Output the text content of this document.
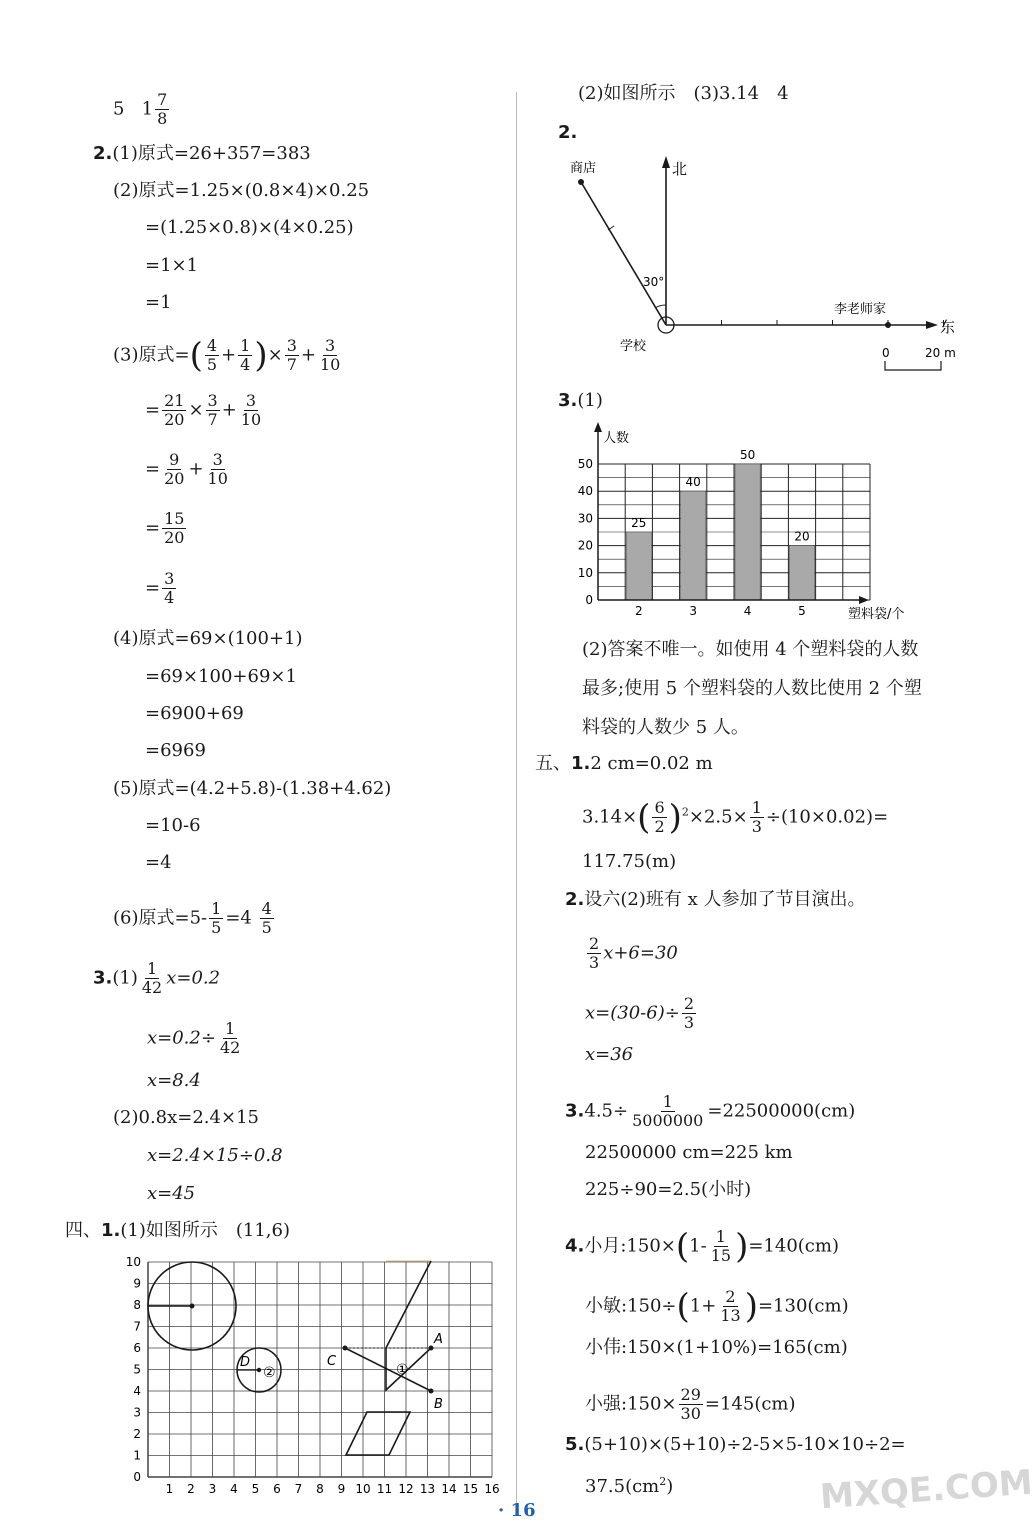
5 $1 \frac{7}{8}$
2.(1)原式=26+357=383
(2)原式=1.25×(0.8×4)×0.25
=(1.25×0.8)×(4×0.25)
=1×1
=1
(3)原式=( $\frac{4}{5} + \frac{1}{4}$ )× $\frac{3}{7} + \frac{3}{10}$
= $\frac{21}{20} \times \frac{3}{7} + \frac{3}{10}$
= $\frac{9}{20} + \frac{3}{10}$
= $\frac{15}{20}$
= $\frac{3}{4}$
(4)原式=69×(100+1)
=69×100+69×1
=6900+69
=6969
(5)原式=(4.2+5.8)-(1.38+4.62)
=10-6
=4
(6)原式$=5- \frac{1}{5} =4 \frac{4}{5}$
$3.(1) \frac{1}{42} x=0.2$
$x=0.2\div \frac{1}{42}$
x=8.4
(2)0.8x=2.4×15
x=2.4×15÷0.8
x=45
四、1.(1)如图所示　(11,6)
1 2 3 4 5 6 7 8 9 10 11 12 13 14 15 16
0
1
2
3
4
5
6
7
8
9
10
A
B
C
D	①
②
(2)如图所示　(3)3.14　4
2.
北
东
商店
30°
学校
李老师家
0	20 m
3.(1)
0
10
20
30
40
50
2	3	4	5
25
40
50
20
人数
塑料袋/个
(2)答案不唯一。如使用 4 个塑料袋的人数
最多;使用 5 个塑料袋的人数比使用 2 个塑
料袋的人数少 5 人。
五、1.2 cm=0.02 m
$3.14\times( \frac{6}{2} )^2\times 2.5\times \frac{1}{3} \div(10\times 0.02)=$
117.75(m)
2.设六(2)班有 x 人参加了节目演出。
$\frac{2}{3} x+6=30$
$x=(30-6)\div \frac{2}{3}$
x=36
$3.4.5\div \frac{1}{5000000} =22500000(cm)$
22500000 cm=225 km
225÷90=2.5(小时)
4.小月:150×(1- $\frac{1}{15} )=140(cm)$
小敏:150÷(1+ $\frac{2}{13} )=130(cm)$
小伟:150×(1+10%)=165(cm)
小强:150× $\frac{29}{30} =145(cm)$
5.(5+10)×(5+10)÷2-5×5-10×10÷2=
$37.5(cm^2)$
· 16	MXQE.COM
